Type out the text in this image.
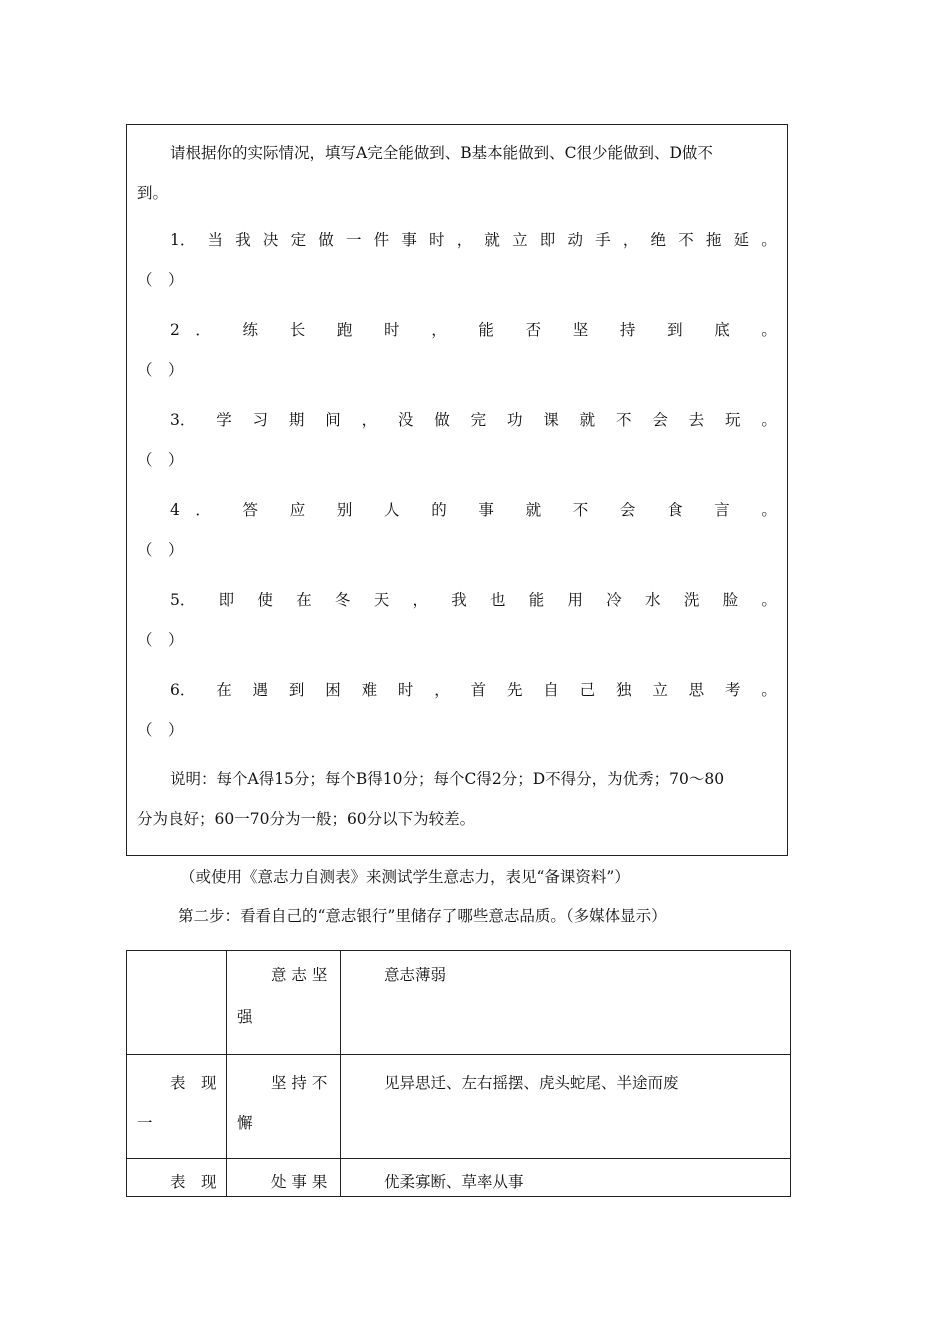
请根据你的实际情况，填写A完全能做到、B基本能做到、C很少能做到、D做不
到。
1． 当 我 决 定 做 一 件 事 时 ， 就 立 即 动 手 ， 绝 不 拖 延 。
（　）
2　． 练 长 跑 时 ， 能 否 坚 持 到 底 。
（　）
3． 学 习 期 间 ， 没 做 完 功 课 就 不 会 去 玩 。
（　）
4　． 答 应 别 人 的 事 就 不 会 食 言 。
（　）
5． 即 使 在 冬 天 ， 我 也 能 用 冷 水 洗 脸 。
（　）
6． 在 遇 到 困 难 时 ， 首 先 自 己 独 立 思 考 。
（　）
说明：每个A得15分；每个B得10分；每个C得2分；D不得分，为优秀；70～80
分为良好；60一70分为一般；60分以下为较差。
（或使用《意志力自测表》来测试学生意志力，表见“备课资料”）
第二步：看看自己的“意志银行”里储存了哪些意志品质。（多媒体显示）

	意 志 坚
强	意志薄弱

表　现
一	坚 持 不
懈	见异思迁、左右摇摆、虎头蛇尾、半途而废

表　现	处 事 果	优柔寡断、草率从事
